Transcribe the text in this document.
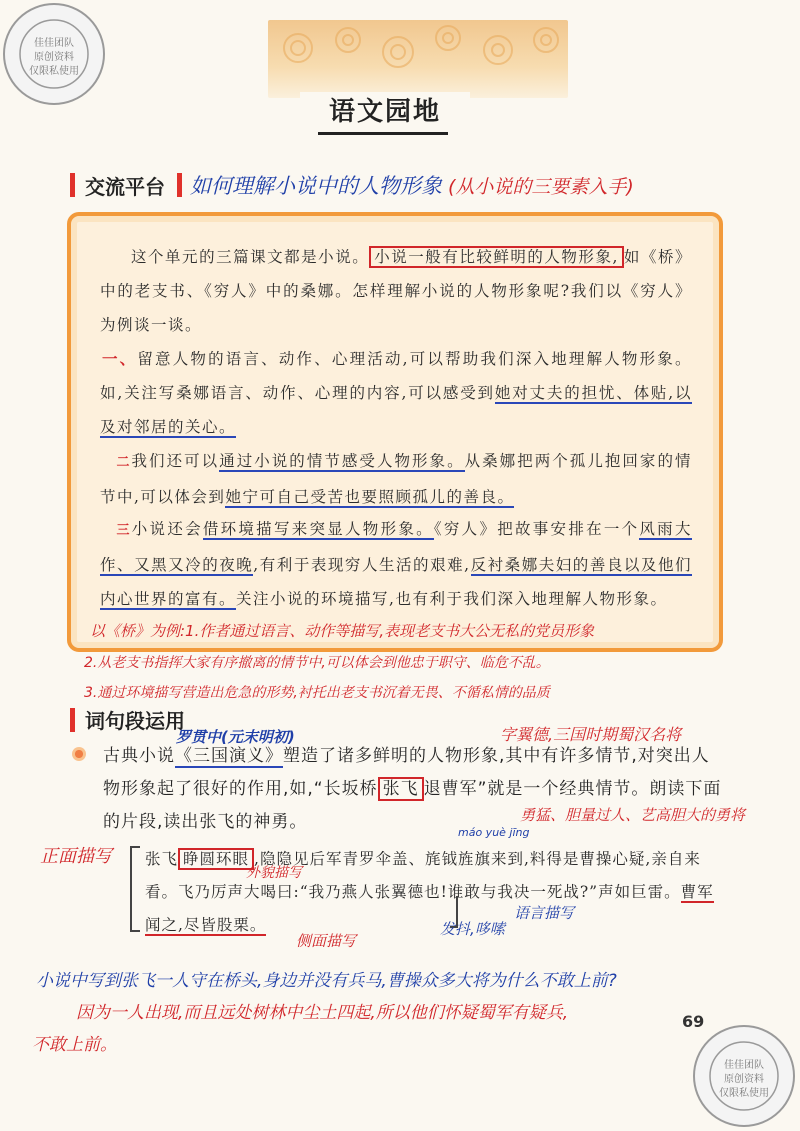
佳佳团队
原创资料
仅限私使用
语文园地
交流平台 如何理解小说中的人物形象 (从小说的三要素入手)

这个单元的三篇课文都是小说。 小说一般有比较鲜明的人物形象, 如《桥》中的老支书、《穷人》中的桑娜。怎样理解小说的人物形象呢?我们以《穷人》为例谈一谈。

一、留意人物的语言、动作、心理活动,可以帮助我们深入地理解人物形象。如,关注写桑娜语言、动作、心理的内容,可以感受到她对丈夫的担忧、体贴,以及对邻居的关心。

二我们还可以通过小说的情节感受人物形象。从桑娜把两个孤儿抱回家的情节中,可以体会到她宁可自己受苦也要照顾孤儿的善良。

三小说还会借环境描写来突显人物形象。《穷人》把故事安排在一个风雨大作、又黑又冷的夜晚,有利于表现穷人生活的艰难,反衬桑娜夫妇的善良以及他们内心世界的富有。关注小说的环境描写,也有利于我们深入地理解人物形象。

以《桥》为例:1.作者通过语言、动作等描写,表现老支书大公无私的党员形象
2.从老支书指挥大家有序撤离的情节中,可以体会到他忠于职守、临危不乱。
3.通过环境描写营造出危急的形势,衬托出老支书沉着无畏、不循私情的品质
词句段运用
罗贯中(元末明初)	字翼德,三国时期蜀汉名将

古典小说《三国演义》塑造了诸多鲜明的人物形象,其中有许多情节,对突出人物形象起了很好的作用,如,“长坂桥 张飞 退曹军”就是一个经典情节。朗读下面的片段,读出张飞的神勇。	勇猛、胆量过人、艺高胆大的勇将
máo yuè jīng
正面描写 张飞 睁圆环眼 ,隐隐见后军青罗伞盖、旄钺旌旗来到,料得是曹操心疑,亲自来看。飞乃厉声大喝曰:“我乃燕人张翼德也!谁敢与我决一死战?”声如巨雷。曹军闻之,尽皆股栗。

外貌描写
语言描写
侧面描写
发抖,哆嗦
小说中写到张飞一人守在桥头,身边并没有兵马,曹操众多大将为什么不敢上前?
因为一人出现,而且远处树林中尘土四起,所以他们怀疑蜀军有疑兵,
不敢上前。
69
佳佳团队
原创资料
仅限私使用
